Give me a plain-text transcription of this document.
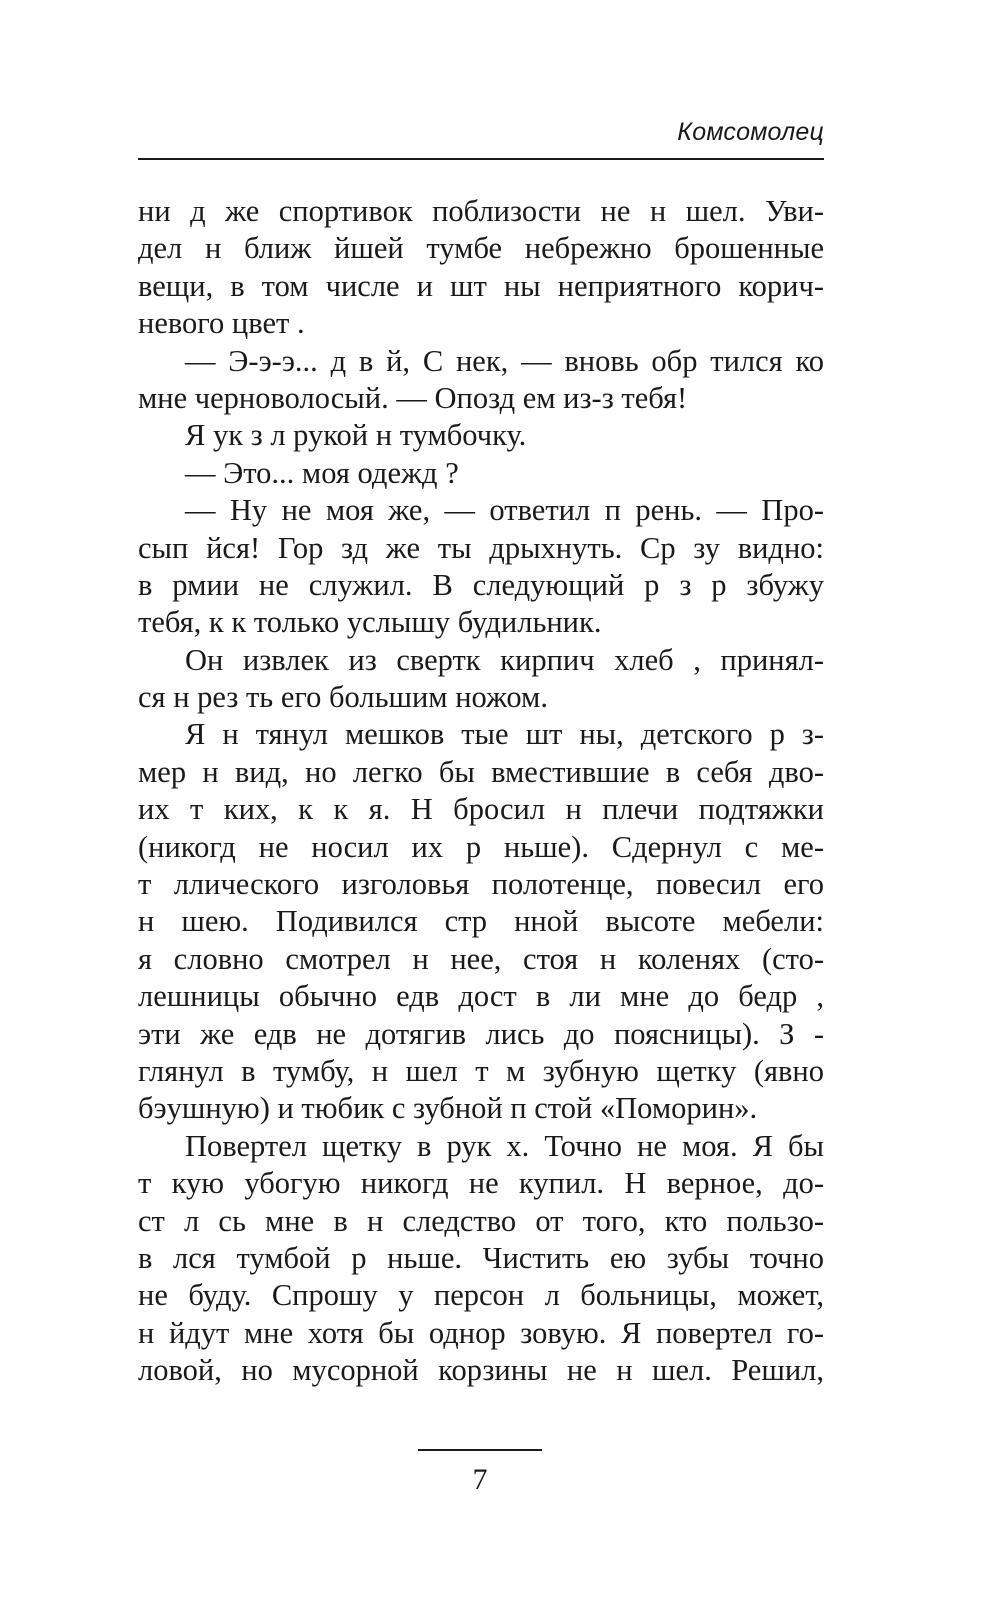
Комсомолец
ни д же спортивок поблизости не н шел. Уви-
дел н ближ йшей тумбе небрежно брошенные
вещи, в том числе и шт ны неприятного корич-
невого цвет .
— Э-э-э... д в й, С нек, — вновь обр тился ко
мне черноволосый. — Опозд ем из-з тебя!
Я ук з л рукой н тумбочку.
— Это... моя одежд ?
— Ну не моя же, — ответил п рень. — Про-
сып йся! Гор зд же ты дрыхнуть. Ср зу видно:
в рмии не служил. В следующий р з р збужу
тебя, к к только услышу будильник.
Он извлек из свертк кирпич хлеб , принял-
ся н рез ть его большим ножом.
Я н тянул мешков тые шт ны, детского р з-
мер н вид, но легко бы вместившие в себя дво-
их т ких, к к я. Н бросил н плечи подтяжки
(никогд не носил их р ньше). Сдернул с ме-
т ллического изголовья полотенце, повесил его
н шею. Подивился стр нной высоте мебели:
я словно смотрел н нее, стоя н коленях (сто-
лешницы обычно едв дост в ли мне до бедр ,
эти же едв не дотягив лись до поясницы). З -
глянул в тумбу, н шел т м зубную щетку (явно
бэушную) и тюбик с зубной п стой «Поморин».
Повертел щетку в рук х. Точно не моя. Я бы
т кую убогую никогд не купил. Н верное, до-
ст л сь мне в н следство от того, кто пользо-
в лся тумбой р ньше. Чистить ею зубы точно
не буду. Спрошу у персон л больницы, может,
н йдут мне хотя бы однор зовую. Я повертел го-
ловой, но мусорной корзины не н шел. Решил,
7
